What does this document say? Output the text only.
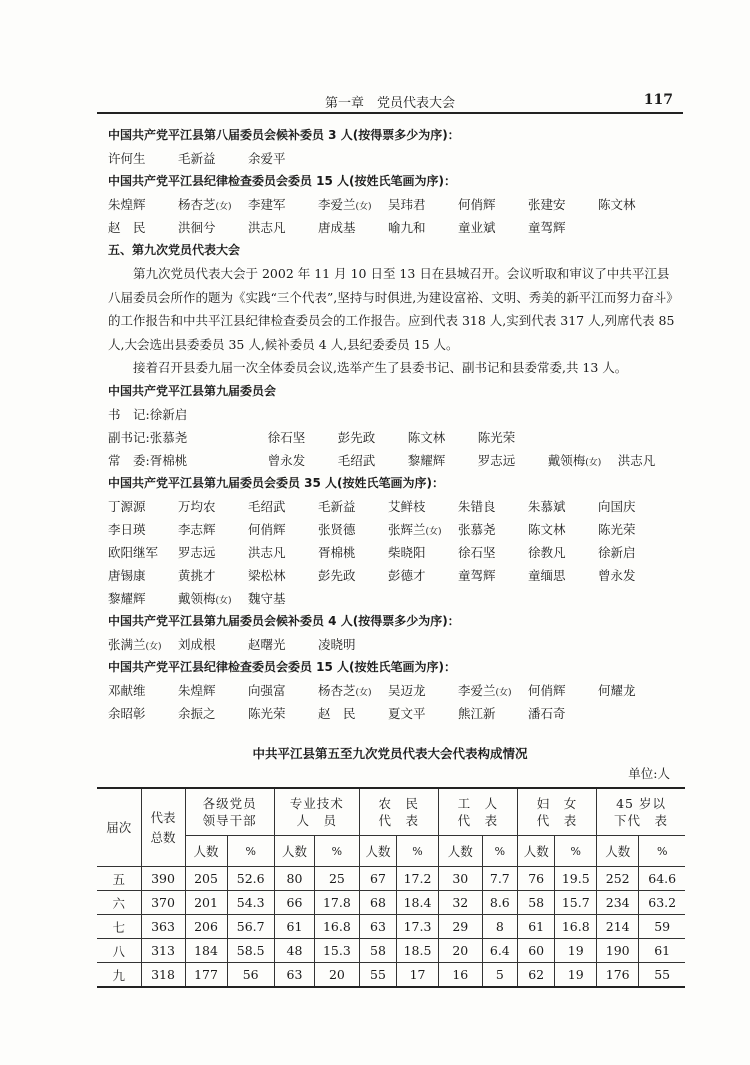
第一章　党员代表大会	117
中国共产党平江县第八届委员会候补委员 3 人(按得票多少为序)：
许何生	毛新益	余爱平
中国共产党平江县纪律检查委员会委员 15 人(按姓氏笔画为序)：
朱煌辉	杨杏芝(女) 李建军	李爱兰(女) 吴玮君	何俏辉	张建安	陈文林
赵　民	洪徊兮	洪志凡	唐成基	喻九和	童业斌	童驾辉
五、第九次党员代表大会

第九次党员代表大会于 2002 年 11 月 10 日至 13 日在县城召开。会议听取和审议了中共平江县八届委员会所作的题为《实践“三个代表”,坚持与时俱进,为建设富裕、文明、秀美的新平江而努力奋斗》的工作报告和中共平江县纪律检查委员会的工作报告。应到代表 318 人,实到代表 317 人,列席代表 85 人,大会选出县委委员 35 人,候补委员 4 人,县纪委委员 15 人。

接着召开县委九届一次全体委员会议,选举产生了县委书记、副书记和县委常委,共 13 人。

中国共产党平江县第九届委员会
书　记:徐新启
副书记:张慕尧	徐石坚	彭先政	陈文林	陈光荣
常　委:胥棉桃	曾永发	毛绍武	黎耀辉	罗志远	戴领梅(女) 洪志凡
中国共产党平江县第九届委员会委员 35 人(按姓氏笔画为序)：
丁源源	万均农	毛绍武	毛新益	艾鲜枝	朱错良	朱慕斌	向国庆
李日瑛	李志辉	何俏辉	张贤德	张辉兰(女) 张慕尧	陈文林	陈光荣
欧阳继军 罗志远	洪志凡	胥棉桃	柴晓阳	徐石坚	徐教凡	徐新启
唐锡康	黄挑才	梁松林	彭先政	彭德才	童驾辉	童缅思	曾永发
黎耀辉	戴领梅(女) 魏守基
中国共产党平江县第九届委员会候补委员 4 人(按得票多少为序)：
张满兰(女) 刘成根	赵曙光	凌晓明
中国共产党平江县纪律检查委员会委员 15 人(按姓氏笔画为序)：
邓献维	朱煌辉	向强富	杨杏芝(女) 吴迈龙	李爱兰(女) 何俏辉	何耀龙
余昭彰	余振之	陈光荣	赵　民	夏文平	熊江新	潘石奇
中共平江县第五至九次党员代表大会代表构成情况
单位:人
届次	代表总数	各级党员领导干部		专业技术人　员		农　民代　表		工　人代　表		妇　女代　表		45 岁以下代　表	
		人数	%	人数	%	人数	%	人数	%	人数	%	人数	%
五	390	205	52.6	80	25	67	17.2	30	7.7	76	19.5	252	64.6
六	370	201	54.3	66	17.8	68	18.4	32	8.6	58	15.7	234	63.2
七	363	206	56.7	61	16.8	63	17.3	29	8	61	16.8	214	59
八	313	184	58.5	48	15.3	58	18.5	20	6.4	60	19	190	61
九	318	177	56	63	20	55	17	16	5	62	19	176	55
